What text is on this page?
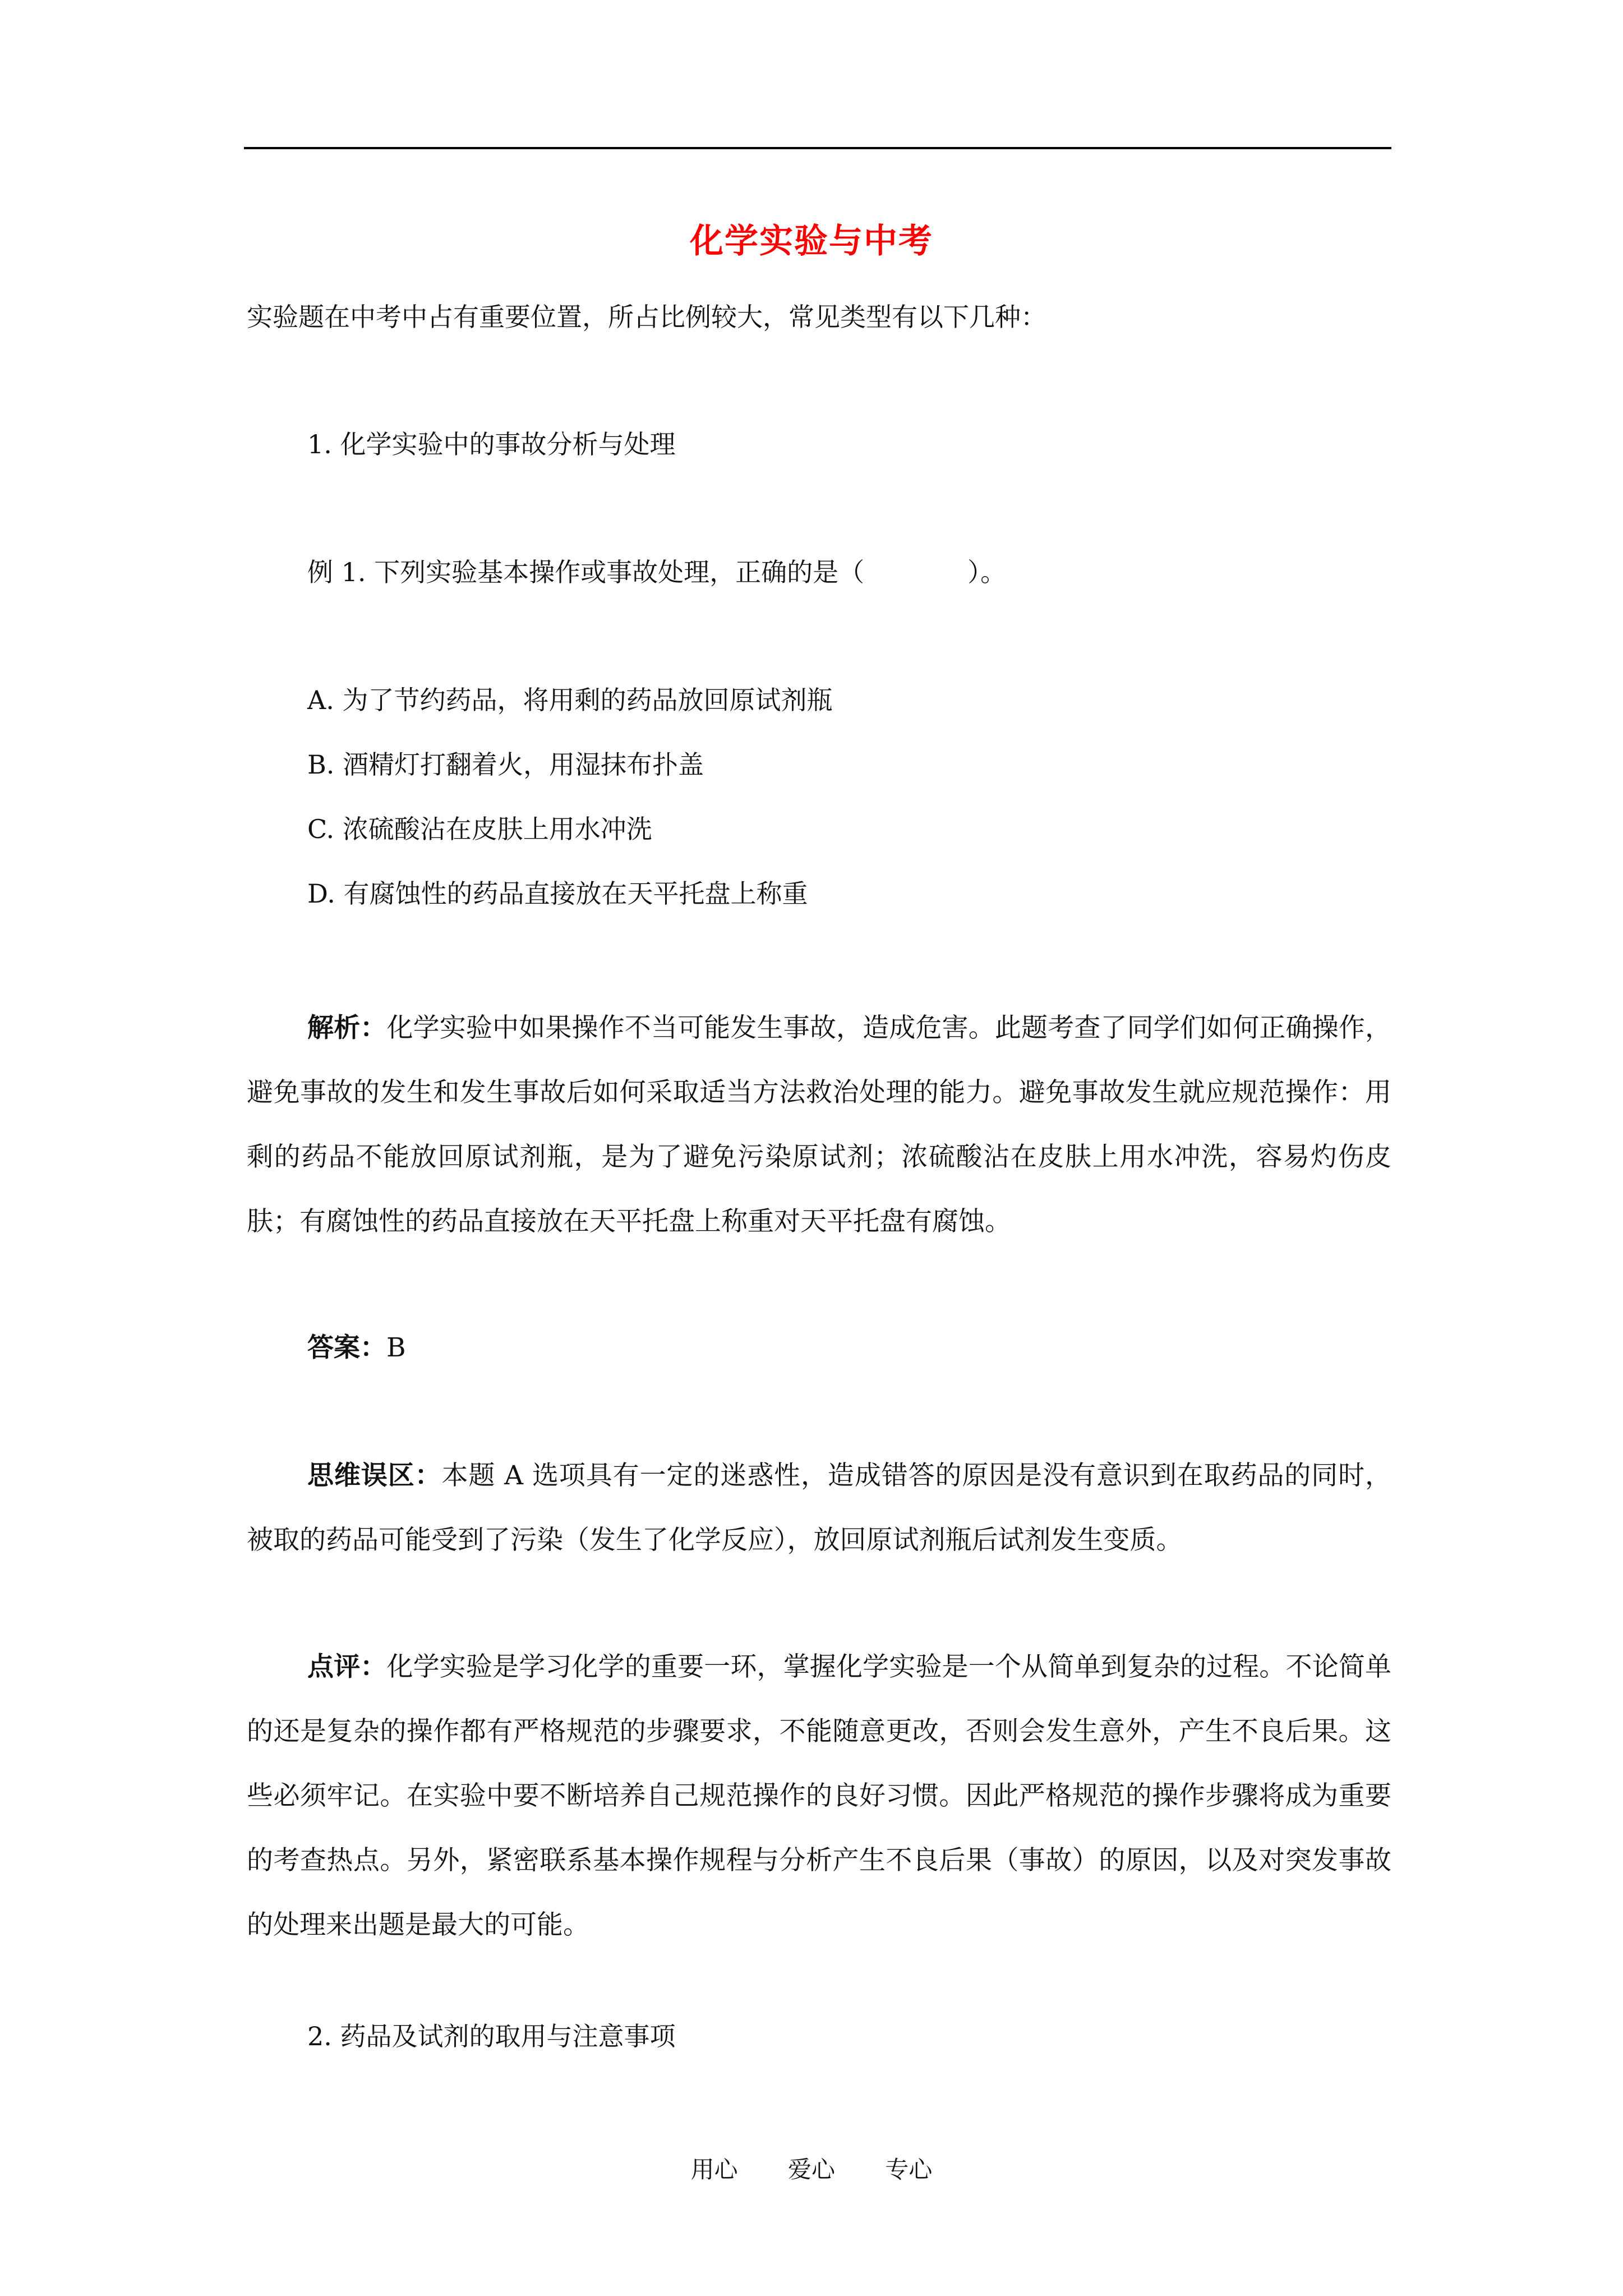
化学实验与中考
实验题在中考中占有重要位置，所占比例较大，常见类型有以下几种：
1. 化学实验中的事故分析与处理
例 1. 下列实验基本操作或事故处理，正确的是（　　　　）。
A. 为了节约药品，将用剩的药品放回原试剂瓶
B. 酒精灯打翻着火，用湿抹布扑盖
C. 浓硫酸沾在皮肤上用水冲洗
D. 有腐蚀性的药品直接放在天平托盘上称重
解析：化学实验中如果操作不当可能发生事故，造成危害。此题考查了同学们如何正确操作，避免事故的发生和发生事故后如何采取适当方法救治处理的能力。避免事故发生就应规范操作：用剩的药品不能放回原试剂瓶，是为了避免污染原试剂；浓硫酸沾在皮肤上用水冲洗，容易灼伤皮肤；有腐蚀性的药品直接放在天平托盘上称重对天平托盘有腐蚀。
答案：B
思维误区：本题 A 选项具有一定的迷惑性，造成错答的原因是没有意识到在取药品的同时，被取的药品可能受到了污染（发生了化学反应），放回原试剂瓶后试剂发生变质。
点评：化学实验是学习化学的重要一环，掌握化学实验是一个从简单到复杂的过程。不论简单的还是复杂的操作都有严格规范的步骤要求，不能随意更改，否则会发生意外，产生不良后果。这些必须牢记。在实验中要不断培养自己规范操作的良好习惯。因此严格规范的操作步骤将成为重要的考查热点。另外，紧密联系基本操作规程与分析产生不良后果（事故）的原因，以及对突发事故的处理来出题是最大的可能。
2. 药品及试剂的取用与注意事项
用心 爱心 专心
